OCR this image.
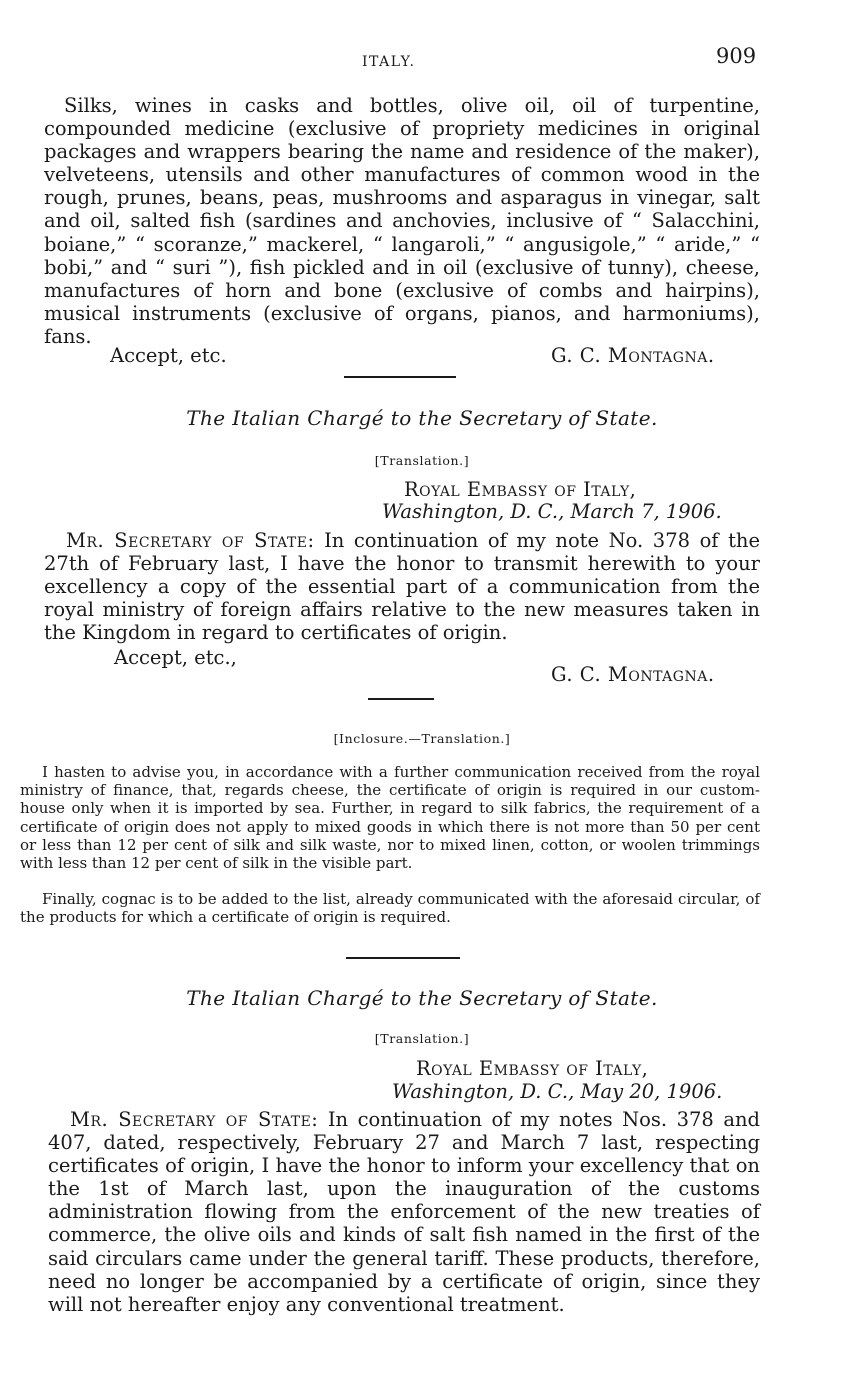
ITALY.	909

Silks, wines in casks and bottles, olive oil, oil of turpentine, compounded medicine (exclusive of propriety medicines in original packages and wrappers bearing the name and residence of the maker), velveteens, utensils and other manufactures of common wood in the rough, prunes, beans, peas, mushrooms and asparagus in vinegar, salt and oil, salted fish (sardines and anchovies, inclusive of “ Salacchini, boiane,” “ scoranze,” mackerel, “ langaroli,” “ angusigole,” “ aride,” “ bobi,” and “ suri ”), fish pickled and in oil (exclusive of tunny), cheese, manufactures of horn and bone (exclusive of combs and hairpins), musical instruments (exclusive of organs, pianos, and harmoniums), fans.

Accept, etc.	G. C. Montagna.
The Italian Chargé to the Secretary of State.
[Translation.]
Royal Embassy of Italy,
Washington, D. C., March 7, 1906.

Mr. Secretary of State: In continuation of my note No. 378 of the 27th of February last, I have the honor to transmit herewith to your excellency a copy of the essential part of a communication from the royal ministry of foreign affairs relative to the new measures taken in the Kingdom in regard to certificates of origin.

Accept, etc.,
G. C. Montagna.
[Inclosure.—Translation.]

I hasten to advise you, in accordance with a further communication received from the royal ministry of finance, that, regards cheese, the certificate of origin is required in our custom-house only when it is imported by sea. Further, in regard to silk fabrics, the requirement of a certificate of origin does not apply to mixed goods in which there is not more than 50 per cent or less than 12 per cent of silk and silk waste, nor to mixed linen, cotton, or woolen trimmings with less than 12 per cent of silk in the visible part.

Finally, cognac is to be added to the list, already communicated with the aforesaid circular, of the products for which a certificate of origin is required.

The Italian Chargé to the Secretary of State.
[Translation.]
Royal Embassy of Italy,
Washington, D. C., May 20, 1906.

Mr. Secretary of State: In continuation of my notes Nos. 378 and 407, dated, respectively, February 27 and March 7 last, respecting certificates of origin, I have the honor to inform your excellency that on the 1st of March last, upon the inauguration of the customs administration flowing from the enforcement of the new treaties of commerce, the olive oils and kinds of salt fish named in the first of the said circulars came under the general tariff. These products, therefore, need no longer be accompanied by a certificate of origin, since they will not hereafter enjoy any conventional treatment.
